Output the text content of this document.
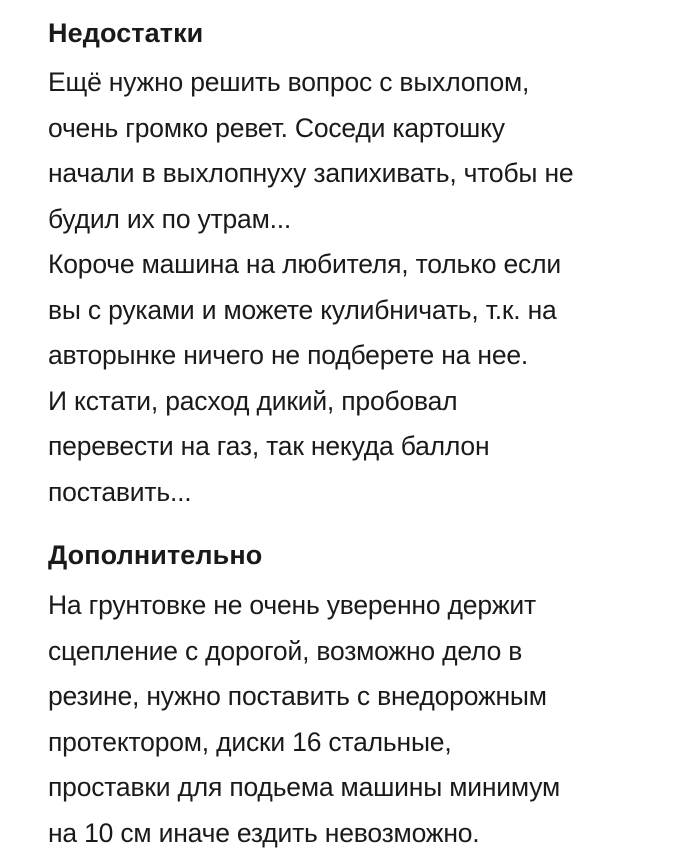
Недостатки

Ещё нужно решить вопрос с выхлопом,
очень громко ревет. Соседи картошку
начали в выхлопнуху запихивать, чтобы не
будил их по утрам...
Короче машина на любителя, только если
вы с руками и можете кулибничать, т.к. на
авторынке ничего не подберете на нее.
И кстати, расход дикий, пробовал
перевести на газ, так некуда баллон
поставить...

Дополнительно

На грунтовке не очень уверенно держит
сцепление с дорогой, возможно дело в
резине, нужно поставить с внедорожным
протектором, диски 16 стальные,
проставки для подьема машины минимум
на 10 см иначе ездить невозможно.
